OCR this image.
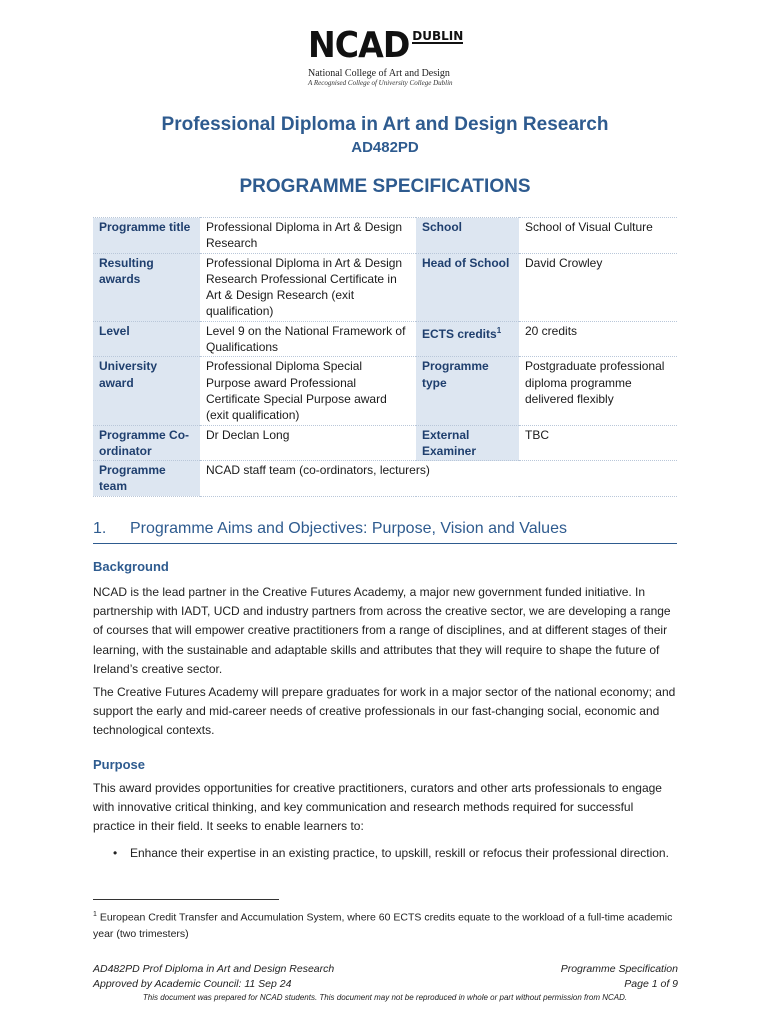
NCAD DUBLIN
National College of Art and Design
A Recognised College of University College Dublin
Professional Diploma in Art and Design Research
AD482PD
PROGRAMME SPECIFICATIONS
Programme title	Professional Diploma in Art & Design Research	School	School of Visual Culture
Resulting awards	Professional Diploma in Art & Design Research Professional Certificate in Art & Design Research (exit qualification)	Head of School	David Crowley
Level	Level 9 on the National Framework of Qualifications	ECTS credits$^1$	20 credits
University award	Professional Diploma Special Purpose award Professional Certificate Special Purpose award (exit qualification)	Programme type	Postgraduate professional diploma programme delivered flexibly
Programme Co-ordinator	Dr Declan Long	External Examiner	TBC
Programme team	NCAD staff team (co-ordinators, lecturers)		
1. Programme Aims and Objectives: Purpose, Vision and Values
Background
NCAD is the lead partner in the Creative Futures Academy, a major new government funded initiative. In partnership with IADT, UCD and industry partners from across the creative sector, we are developing a range of courses that will empower creative practitioners from a range of disciplines, and at different stages of their learning, with the sustainable and adaptable skills and attributes that they will require to shape the future of Ireland’s creative sector.
The Creative Futures Academy will prepare graduates for work in a major sector of the national economy; and support the early and mid-career needs of creative professionals in our fast-changing social, economic and technological contexts.
Purpose
This award provides opportunities for creative practitioners, curators and other arts professionals to engage with innovative critical thinking, and key communication and research methods required for successful practice in their field. It seeks to enable learners to:
• Enhance their expertise in an existing practice, to upskill, reskill or refocus their professional direction.
$^1$ European Credit Transfer and Accumulation System, where 60 ECTS credits equate to the workload of a full-time academic year (two trimesters)
AD482PD Prof Diploma in Art and Design Research	Programme Specification
Approved by Academic Council: 11 Sep 24	Page 1 of 9
This document was prepared for NCAD students. This document may not be reproduced in whole or part without permission from NCAD.
